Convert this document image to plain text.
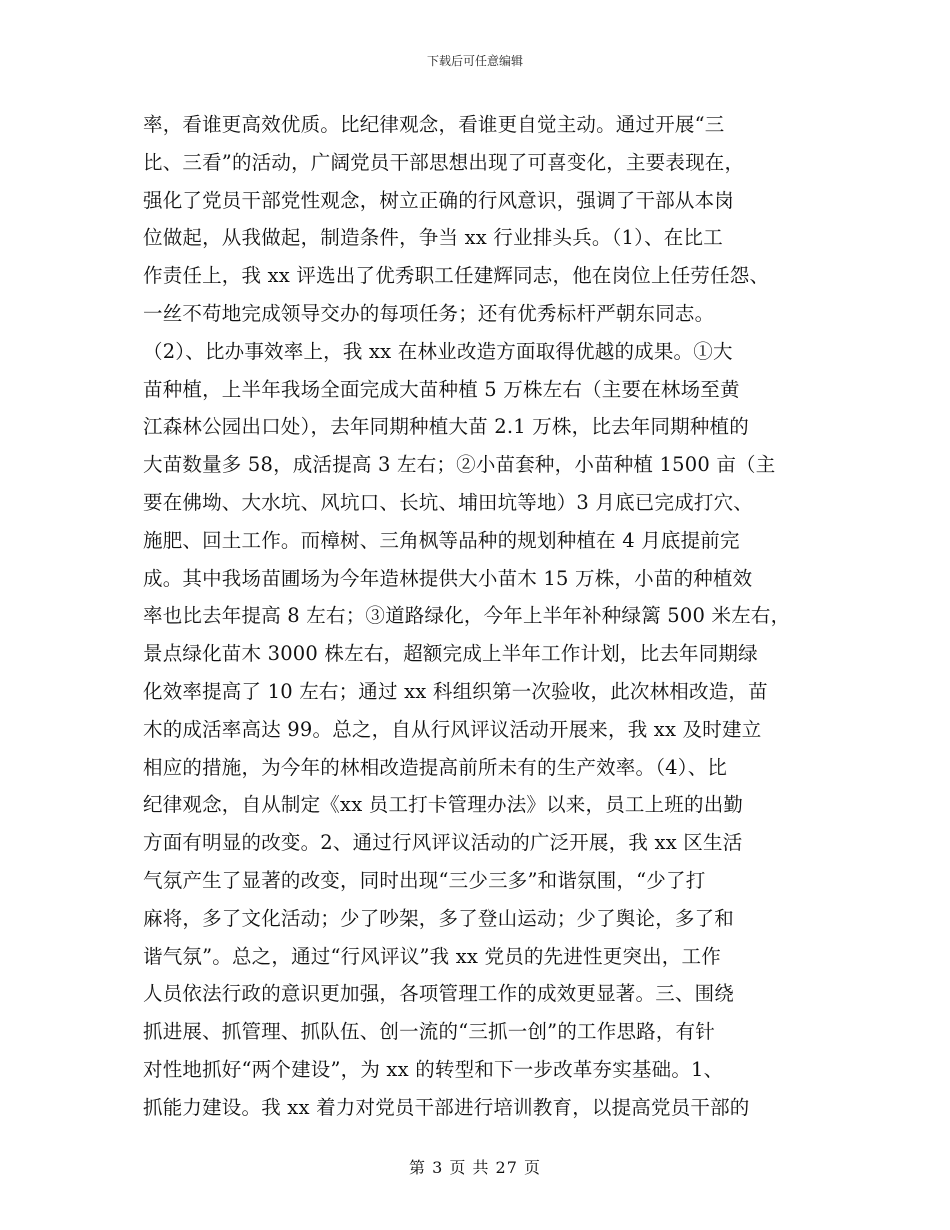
下载后可任意编辑
率，看谁更高效优质。比纪律观念，看谁更自觉主动。通过开展“三
比、三看”的活动，广阔党员干部思想出现了可喜变化，主要表现在，
强化了党员干部党性观念，树立正确的行风意识，强调了干部从本岗
位做起，从我做起，制造条件，争当 xx 行业排头兵。（1）、在比工
作责任上，我 xx 评选出了优秀职工任建辉同志，他在岗位上任劳任怨、
一丝不苟地完成领导交办的每项任务；还有优秀标杆严朝东同志。
（2）、比办事效率上，我 xx 在林业改造方面取得优越的成果。①大
苗种植，上半年我场全面完成大苗种植 5 万株左右（主要在林场至黄
江森林公园出口处），去年同期种植大苗 2.1 万株，比去年同期种植的
大苗数量多 58，成活提高 3 左右；②小苗套种，小苗种植 1500 亩（主
要在佛坳、大水坑、风坑口、长坑、埔田坑等地）3 月底已完成打穴、
施肥、回土工作。而樟树、三角枫等品种的规划种植在 4 月底提前完
成。其中我场苗圃场为今年造林提供大小苗木 15 万株，小苗的种植效
率也比去年提高 8 左右；③道路绿化，今年上半年补种绿篱 500 米左右，
景点绿化苗木 3000 株左右，超额完成上半年工作计划，比去年同期绿
化效率提高了 10 左右；通过 xx 科组织第一次验收，此次林相改造，苗
木的成活率高达 99。总之，自从行风评议活动开展来，我 xx 及时建立
相应的措施，为今年的林相改造提高前所未有的生产效率。（4）、比
纪律观念，自从制定《xx 员工打卡管理办法》以来，员工上班的出勤
方面有明显的改变。2、通过行风评议活动的广泛开展，我 xx 区生活
气氛产生了显著的改变，同时出现“三少三多”和谐氛围，“少了打
麻将，多了文化活动；少了吵架，多了登山运动；少了舆论，多了和
谐气氛”。总之，通过“行风评议”我 xx 党员的先进性更突出，工作
人员依法行政的意识更加强，各项管理工作的成效更显著。三、围绕
抓进展、抓管理、抓队伍、创一流的“三抓一创”的工作思路，有针
对性地抓好“两个建设”，为 xx 的转型和下一步改革夯实基础。1、
抓能力建设。我 xx 着力对党员干部进行培训教育，以提高党员干部的
第 3 页 共 27 页
